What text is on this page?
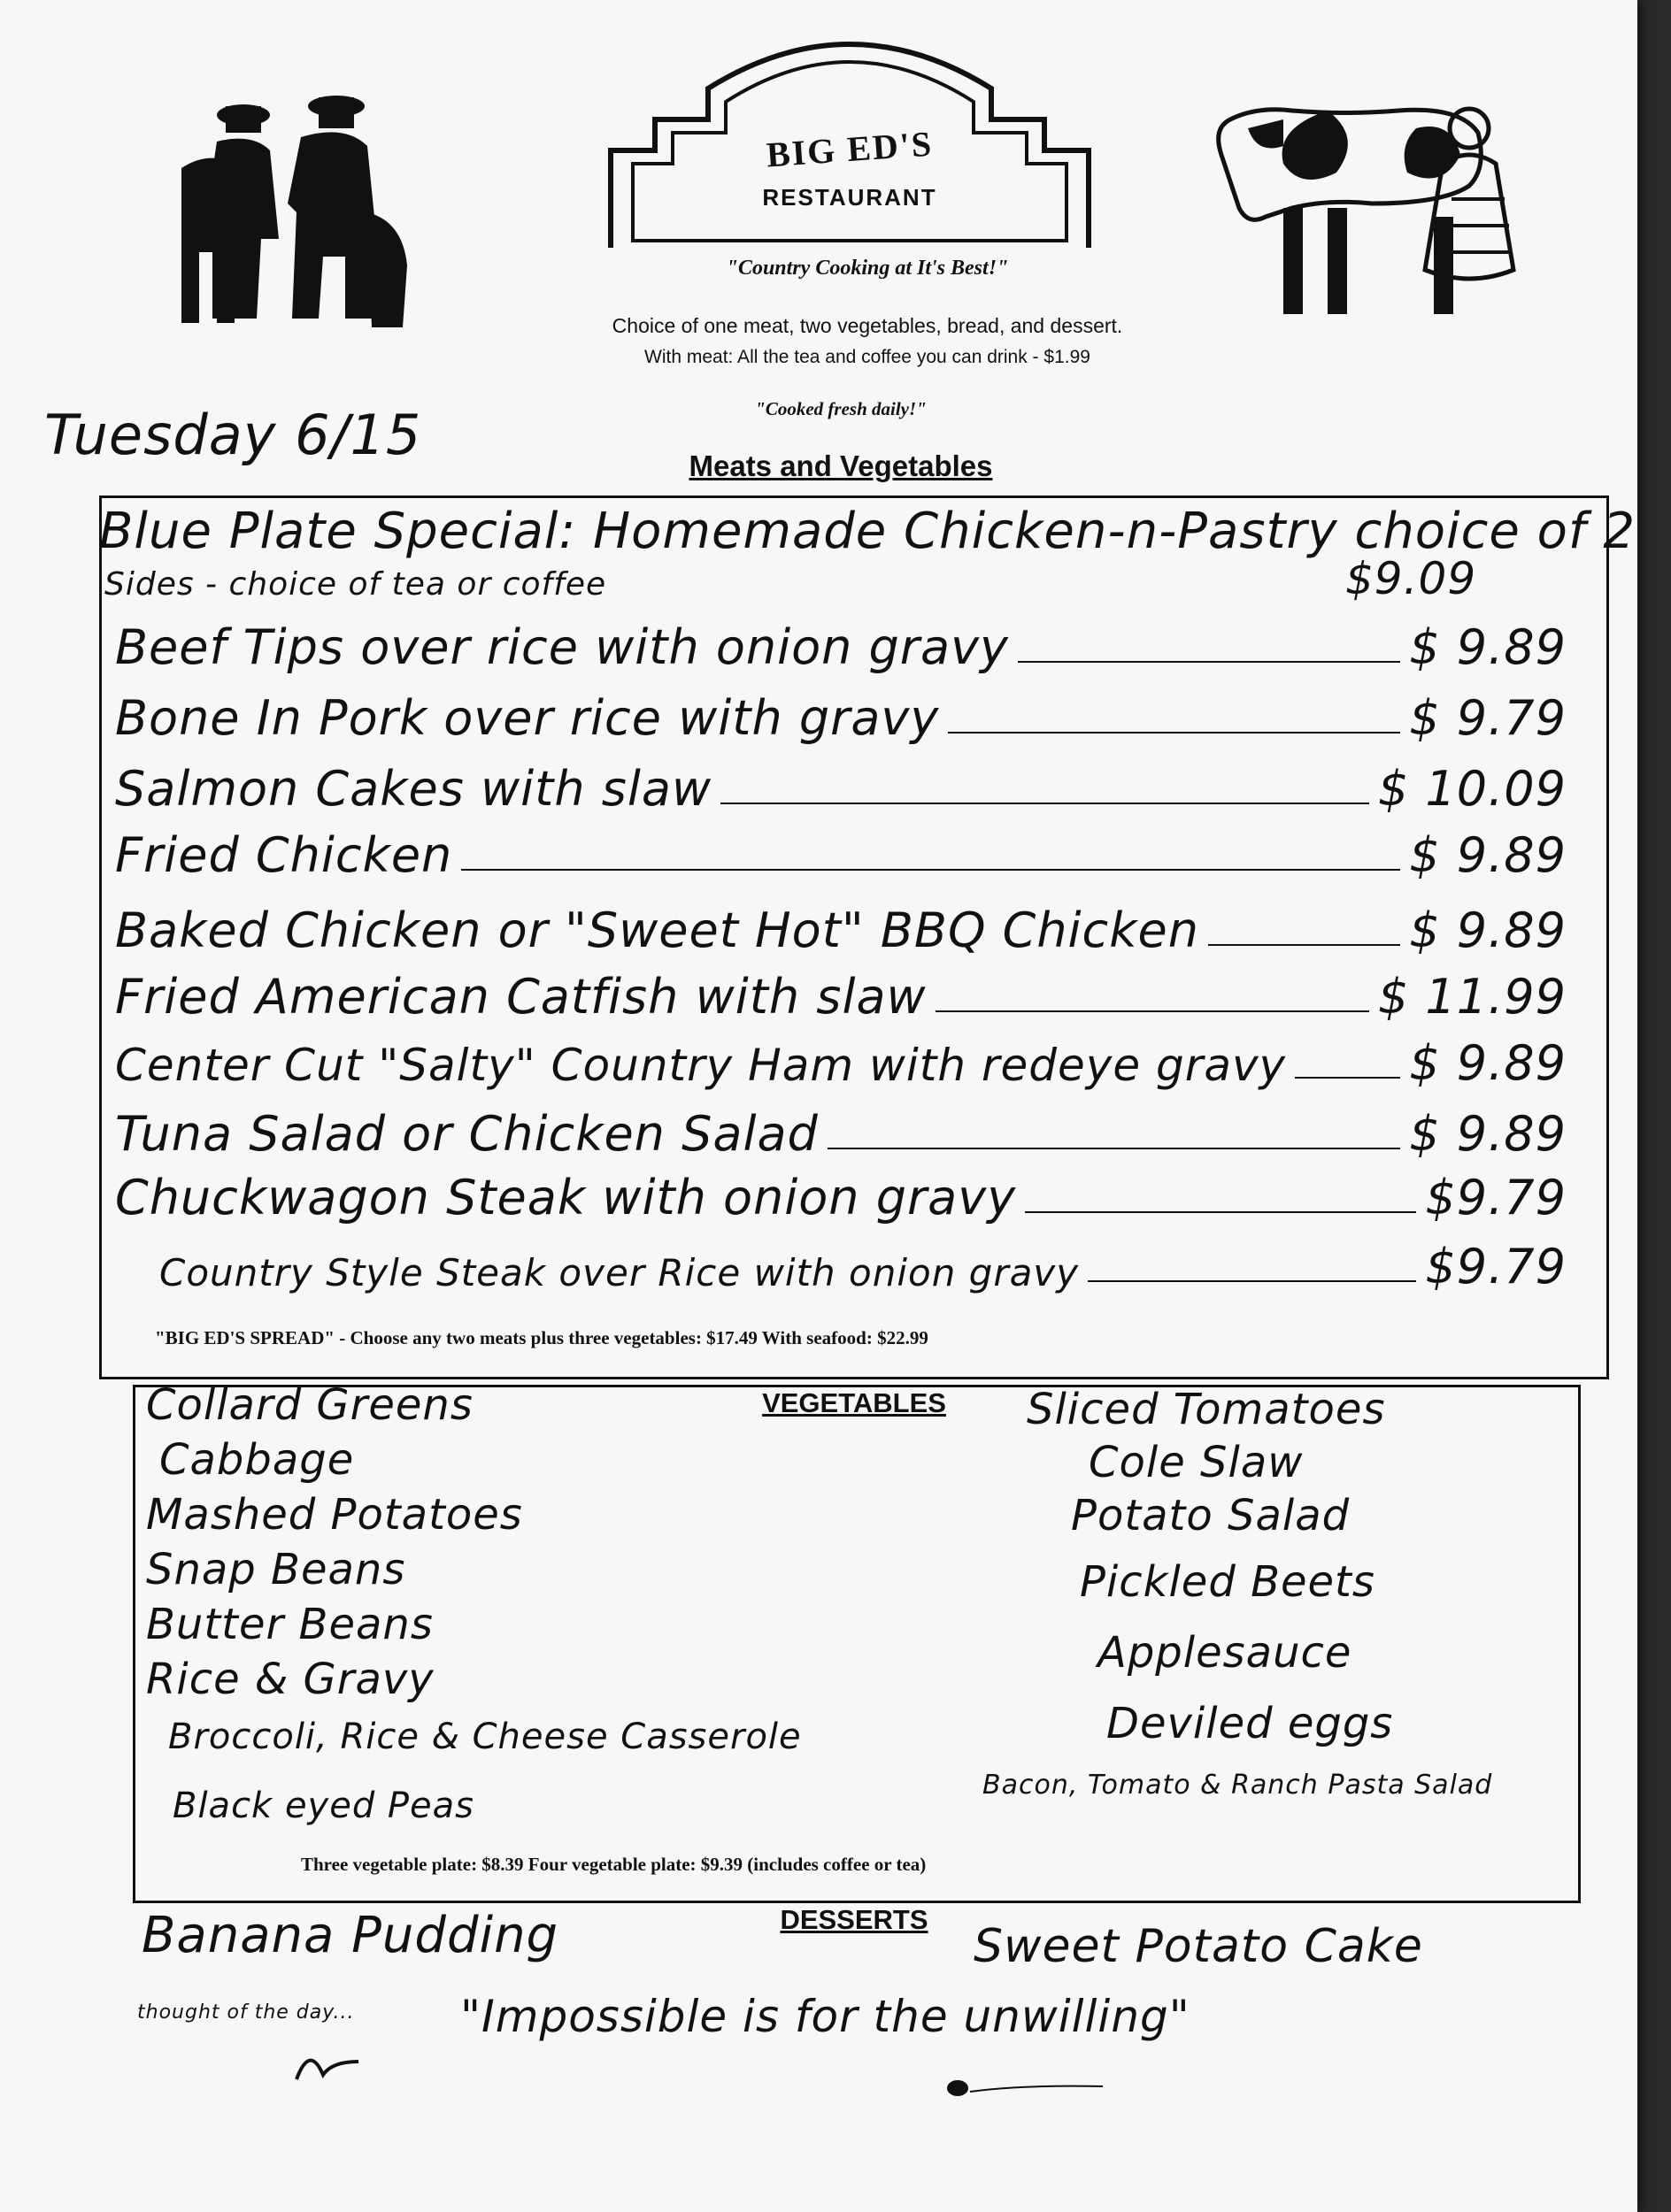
BIG ED'S
RESTAURANT
"Country Cooking at It's Best!"
Choice of one meat, two vegetables, bread, and dessert.
With meat: All the tea and coffee you can drink - $1.99
"Cooked fresh daily!"
Meats and Vegetables
Tuesday 6/15
Blue Plate Special: Homemade Chicken-n-Pastry choice of 2
Sides - choice of tea or coffee	$9.09
Beef Tips over rice with onion gravy	$ 9.89
Bone In Pork over rice with gravy	$ 9.79
Salmon Cakes with slaw	$ 10.09
Fried Chicken	$ 9.89
Baked Chicken or "Sweet Hot" BBQ Chicken	$ 9.89
Fried American Catfish with slaw	$ 11.99
Center Cut "Salty" Country Ham with redeye gravy	$ 9.89
Tuna Salad or Chicken Salad	$ 9.89
Chuckwagon Steak with onion gravy	$9.79
Country Style Steak over Rice with onion gravy	$9.79
"BIG ED'S SPREAD" - Choose any two meats plus three vegetables: $17.49 With seafood: $22.99
VEGETABLES
Collard Greens
Cabbage
Mashed Potatoes
Snap Beans
Butter Beans
Rice & Gravy
Broccoli, Rice & Cheese Casserole
Black eyed Peas
Sliced Tomatoes
Cole Slaw
Potato Salad
Pickled Beets
Applesauce
Deviled eggs
Bacon, Tomato & Ranch Pasta Salad
Three vegetable plate: $8.39 Four vegetable plate: $9.39 (includes coffee or tea)
DESSERTS
Banana Pudding	Sweet Potato Cake
thought of the day... "Impossible is for the unwilling"
